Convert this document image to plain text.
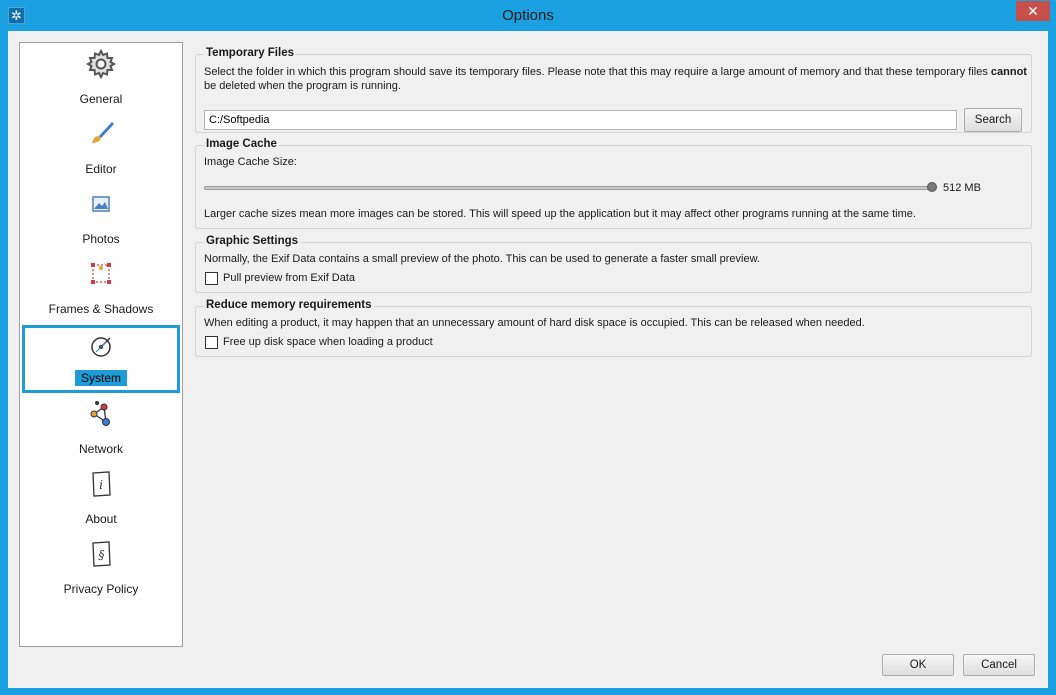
✲	Options	✕
General
Editor
Photos
Frames & Shadows
System
Network
i
About
§
Privacy Policy
Temporary Files
Select the folder in which this program should save its temporary files. Please note that this may require a large amount of memory and that these temporary files cannot
be deleted when the program is running.
C:/Softpedia
Search
Image Cache
Image Cache Size:
512 MB
Larger cache sizes mean more images can be stored. This will speed up the application but it may affect other programs running at the same time.
Graphic Settings
Normally, the Exif Data contains a small preview of the photo. This can be used to generate a faster small preview.
Pull preview from Exif Data
Reduce memory requirements
When editing a product, it may happen that an unnecessary amount of hard disk space is occupied. This can be released when needed.
Free up disk space when loading a product
OK	Cancel
